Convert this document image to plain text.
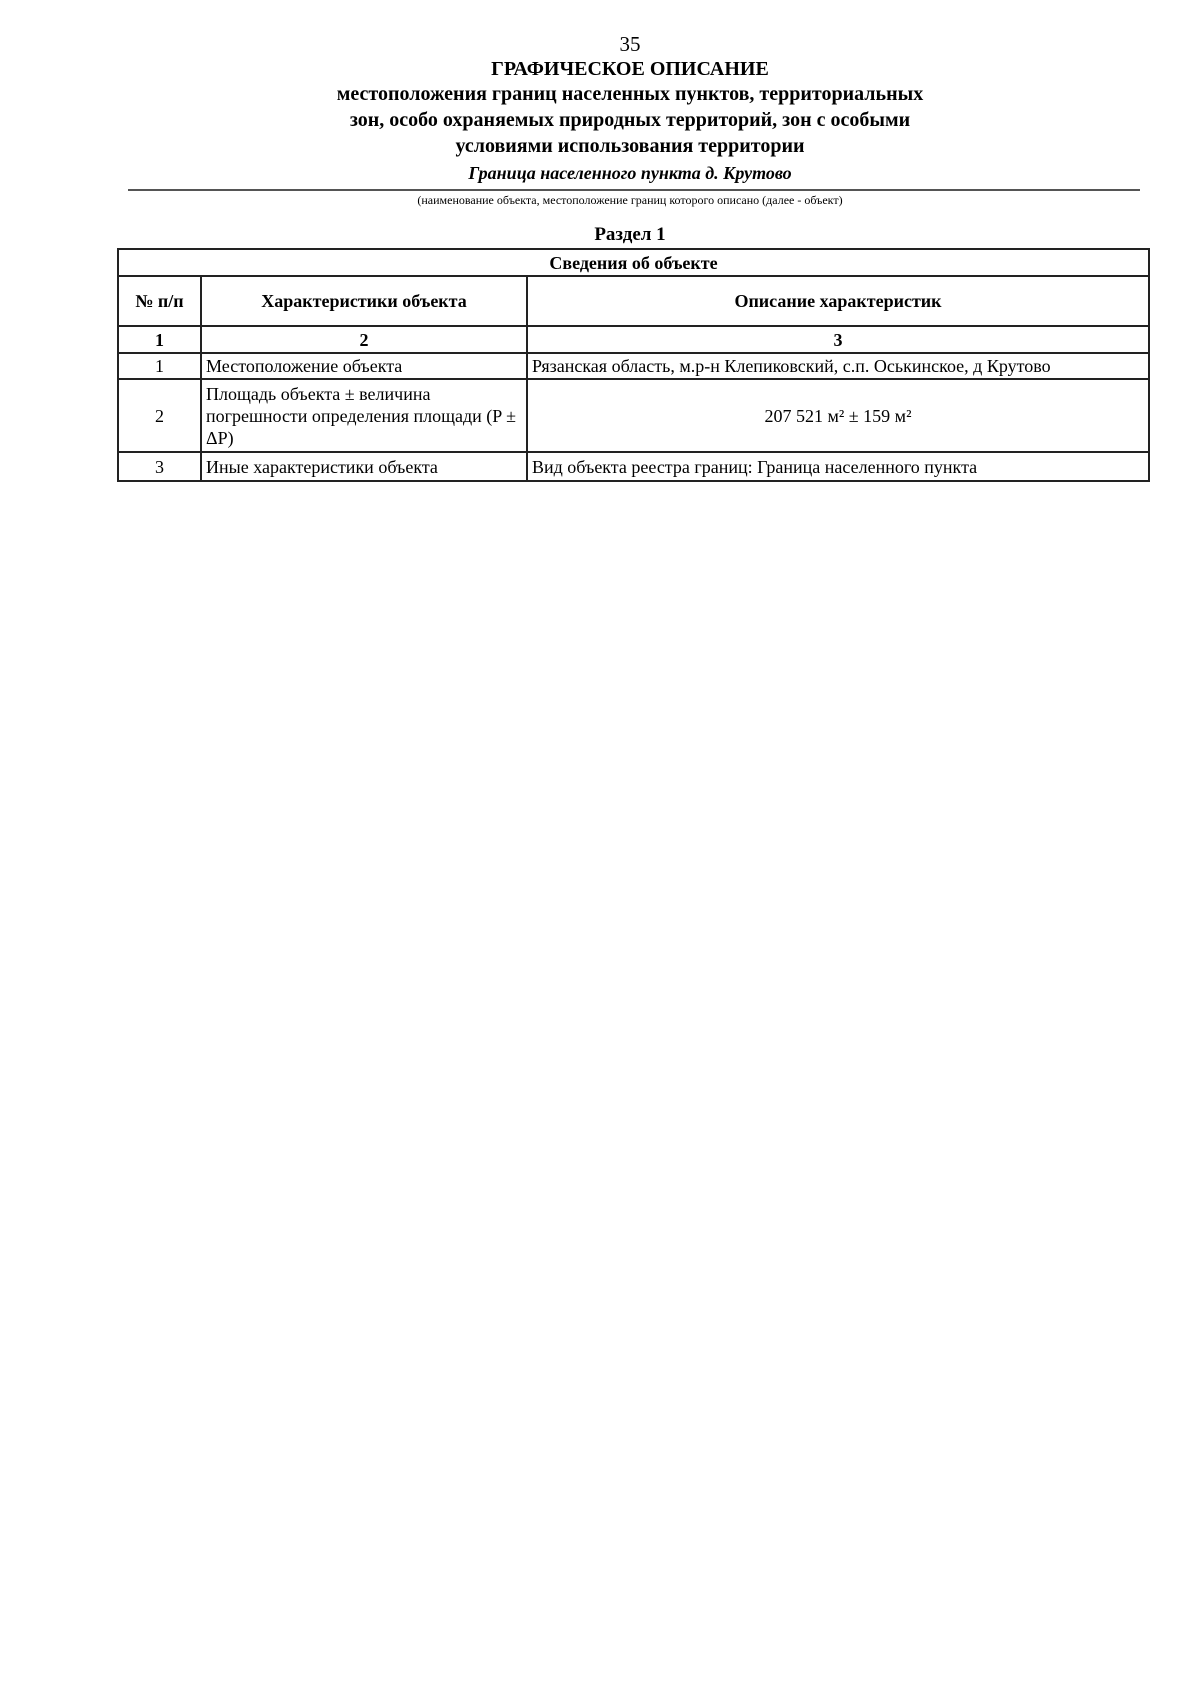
35
ГРАФИЧЕСКОЕ ОПИСАНИЕ
местоположения границ населенных пунктов, территориальных
зон, особо охраняемых природных территорий, зон с особыми
условиями использования территории
Граница населенного пункта д. Крутово
(наименование объекта, местоположение границ которого описано (далее - объект)
Раздел 1
Сведения об объекте		
№ п/п	Характеристики объекта	Описание характеристик
1	2	3
1	Местоположение объекта	Рязанская область, м.р-н Клепиковский, с.п. Оськинское, д Крутово
2	Площадь объекта ± величина погрешности определения площади (P ± ΔP)	207 521 м² ± 159 м²
3	Иные характеристики объекта	Вид объекта реестра границ: Граница населенного пункта
